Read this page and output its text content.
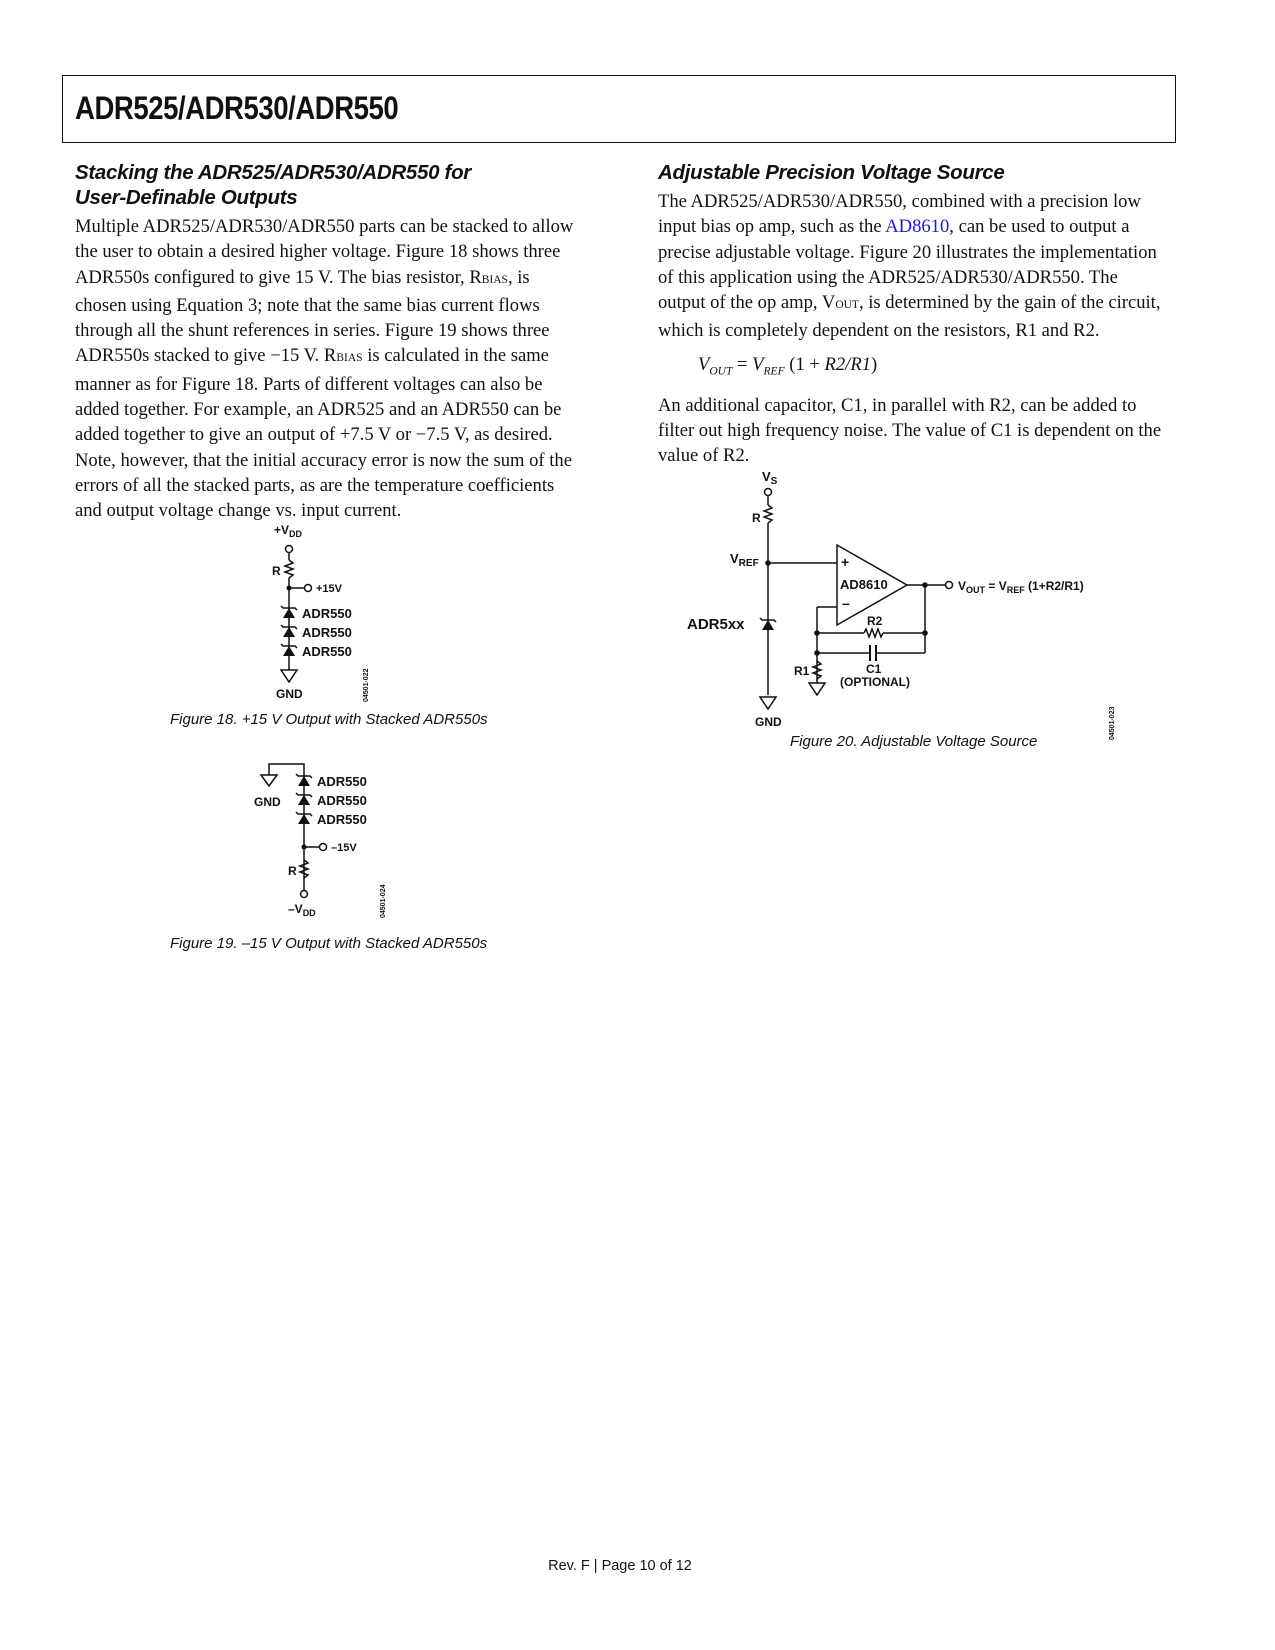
ADR525/ADR530/ADR550
Stacking the ADR525/ADR530/ADR550 for
User-Definable Outputs

Multiple ADR525/ADR530/ADR550 parts can be stacked to allow the user to obtain a desired higher voltage. Figure 18 shows three ADR550s configured to give 15 V. The bias resistor, RBIAS, is chosen using Equation 3; note that the same bias current flows through all the shunt references in series. Figure 19 shows three ADR550s stacked to give −15 V. RBIAS is calculated in the same manner as for Figure 18. Parts of different voltages can also be added together. For example, an ADR525 and an ADR550 can be added together to give an output of +7.5 V or −7.5 V, as desired. Note, however, that the initial accuracy error is now the sum of the errors of all the stacked parts, as are the temperature coefficients and output voltage change vs. input current.

$+V_{DD}$
R
+15V
ADR550
ADR550
ADR550
GND	04501-022
Figure 18. +15 V Output with Stacked ADR550s
GND
ADR550
ADR550
ADR550
–15V
R
$-V_{DD}$	04501-024
Figure 19. –15 V Output with Stacked ADR550s
Adjustable Precision Voltage Source

The ADR525/ADR530/ADR550, combined with a precision low input bias op amp, such as the AD8610, can be used to output a precise adjustable voltage. Figure 20 illustrates the implementation of this application using the ADR525/ADR530/ADR550. The output of the op amp, VOUT, is determined by the gain of the circuit, which is completely dependent on the resistors, R1 and R2.

$V_{OUT} = V_{REF}$ (1 + R2/R1)

An additional capacitor, C1, in parallel with R2, can be added to filter out high frequency noise. The value of C1 is dependent on the value of R2.

$V_S$
R
$V_{REF}$
ADR5xx
GND
+
–
AD8610	$V_{OUT} = V_{REF}$ (1+R2/R1)
R2
C1
(OPTIONAL)
R1
04501-023
Figure 20. Adjustable Voltage Source
Rev. F | Page 10 of 12
